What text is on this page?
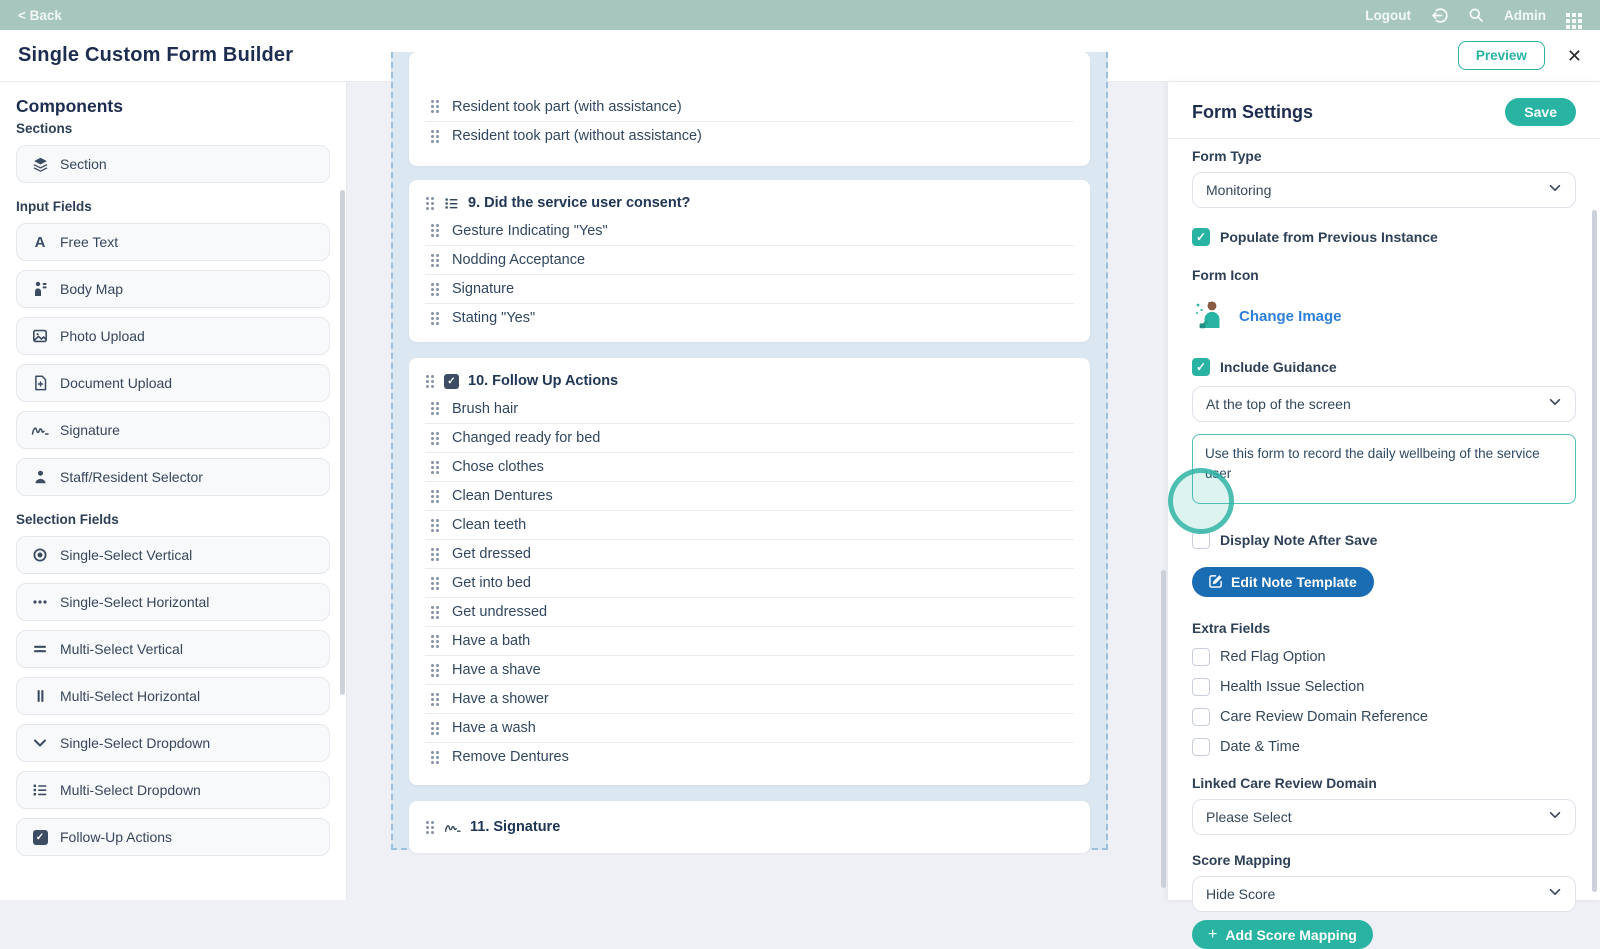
< Back	Logout	Admin
Single Custom Form Builder	Preview	✕
Components
Sections
Section
Input Fields
A Free Text
Body Map
Photo Upload
Document Upload
Signature
Staff/Resident Selector
Selection Fields
Single-Select Vertical
Single-Select Horizontal
Multi-Select Vertical
Multi-Select Horizontal
Single-Select Dropdown
Multi-Select Dropdown
✓
Follow-Up Actions
Resident took part (with assistance)
Resident took part (without assistance)
9. Did the service user consent?
Gesture Indicating "Yes"
Nodding Acceptance
Signature
Stating "Yes"
✓
10. Follow Up Actions
Brush hair
Changed ready for bed
Chose clothes
Clean Dentures
Clean teeth
Get dressed
Get into bed
Get undressed
Have a bath
Have a shave
Have a shower
Have a wash
Remove Dentures
11. Signature
Form Settings	Save
Form Type
Monitoring
✓
Populate from Previous Instance
Form Icon
Change Image
✓
Include Guidance
At the top of the screen
Use this form to record the daily wellbeing of the service user
Display Note After Save
Edit Note Template
Extra Fields
Red Flag Option
Health Issue Selection
Care Review Domain Reference
Date & Time
Linked Care Review Domain
Please Select
Score Mapping
Hide Score
+ Add Score Mapping
